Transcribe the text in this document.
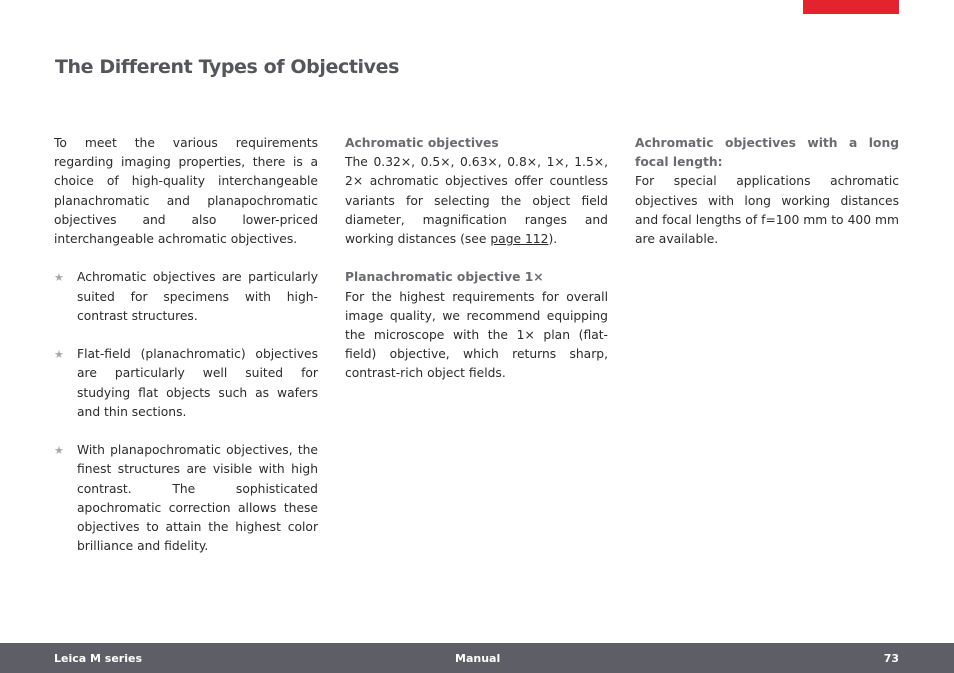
The Different Types of Objectives

To meet the various requirements regarding imaging properties, there is a choice of high-quality interchangeable planachromatic and planapochromatic objectives and also lower-priced interchangeable achromatic objectives.

★	Achromatic objectives are particularly suited for specimens with high-contrast structures.
★	Flat-field (planachromatic) objectives are particularly well suited for studying flat objects such as wafers and thin sections.
★	With planapochromatic objectives, the finest structures are visible with high contrast. The sophisticated apochromatic correction allows these objectives to attain the highest color brilliance and fidelity.

Achromatic objectives

The 0.32×, 0.5×, 0.63×, 0.8×, 1×, 1.5×, 2× achromatic objectives offer countless variants for selecting the object field diameter, magnification ranges and working distances (see page 112).

Planachromatic objective 1×

For the highest requirements for overall image quality, we recommend equipping the microscope with the 1× plan (flat-field) objective, which returns sharp, contrast-rich object fields.

Achromatic objectives with a long focal length:

For special applications achromatic objectives with long working distances and focal lengths of f=100 mm to 400 mm are available.

Leica M series	Manual	73
